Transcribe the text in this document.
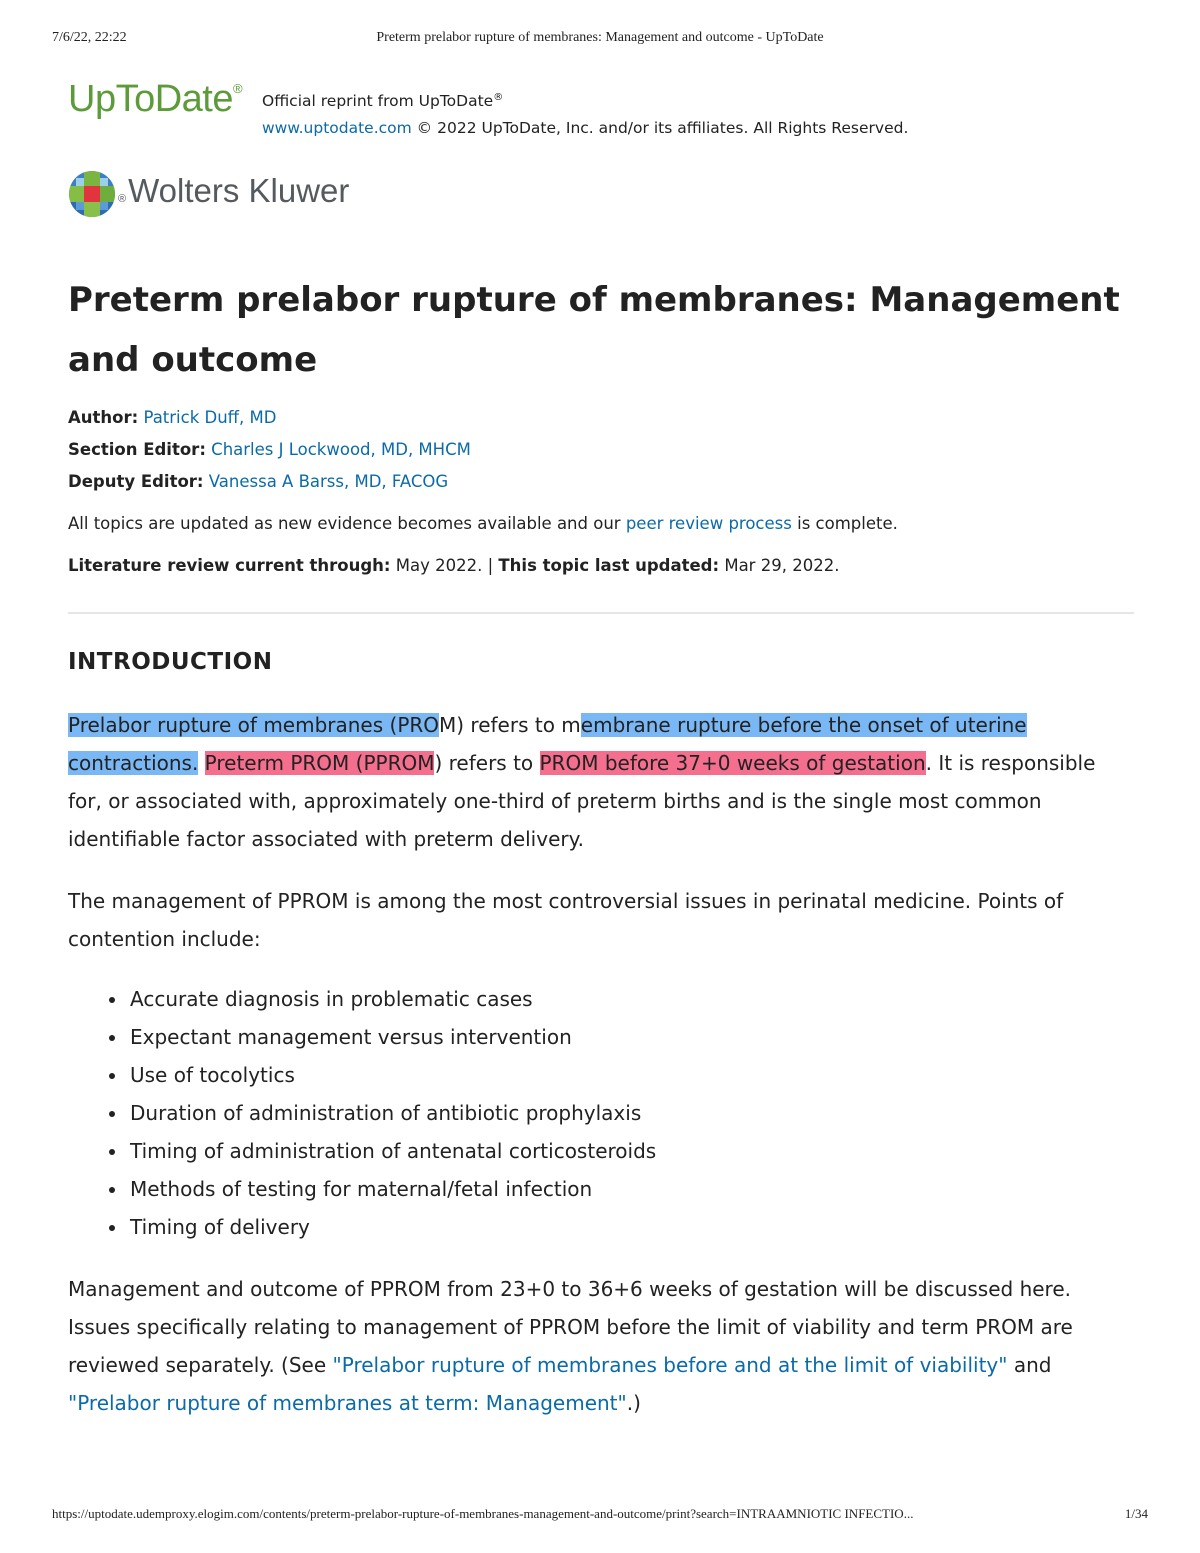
7/6/22, 22:22	Preterm prelabor rupture of membranes: Management and outcome - UpToDate
UpToDate®
Official reprint from UpToDate®
www.uptodate.com © 2022 UpToDate, Inc. and/or its affiliates. All Rights Reserved.
®Wolters Kluwer
Preterm prelabor rupture of membranes: Management and outcome
Author: Patrick Duff, MD
Section Editor: Charles J Lockwood, MD, MHCM
Deputy Editor: Vanessa A Barss, MD, FACOG
All topics are updated as new evidence becomes available and our peer review process is complete.
Literature review current through: May 2022. | This topic last updated: Mar 29, 2022.
INTRODUCTION

Prelabor rupture of membranes (PROM) refers to membrane rupture before the onset of uterine contractions. Preterm PROM (PPROM) refers to PROM before 37+0 weeks of gestation. It is responsible for, or associated with, approximately one-third of preterm births and is the single most common identifiable factor associated with preterm delivery.

The management of PPROM is among the most controversial issues in perinatal medicine. Points of contention include:

• Accurate diagnosis in problematic cases
• Expectant management versus intervention
• Use of tocolytics
• Duration of administration of antibiotic prophylaxis
• Timing of administration of antenatal corticosteroids
• Methods of testing for maternal/fetal infection
• Timing of delivery

Management and outcome of PPROM from 23+0 to 36+6 weeks of gestation will be discussed here. Issues specifically relating to management of PPROM before the limit of viability and term PROM are reviewed separately. (See "Prelabor rupture of membranes before and at the limit of viability" and "Prelabor rupture of membranes at term: Management".)

https://uptodate.udemproxy.elogim.com/contents/preterm-prelabor-rupture-of-membranes-management-and-outcome/print?search=INTRAAMNIOTIC INFECTIO...	1/34
